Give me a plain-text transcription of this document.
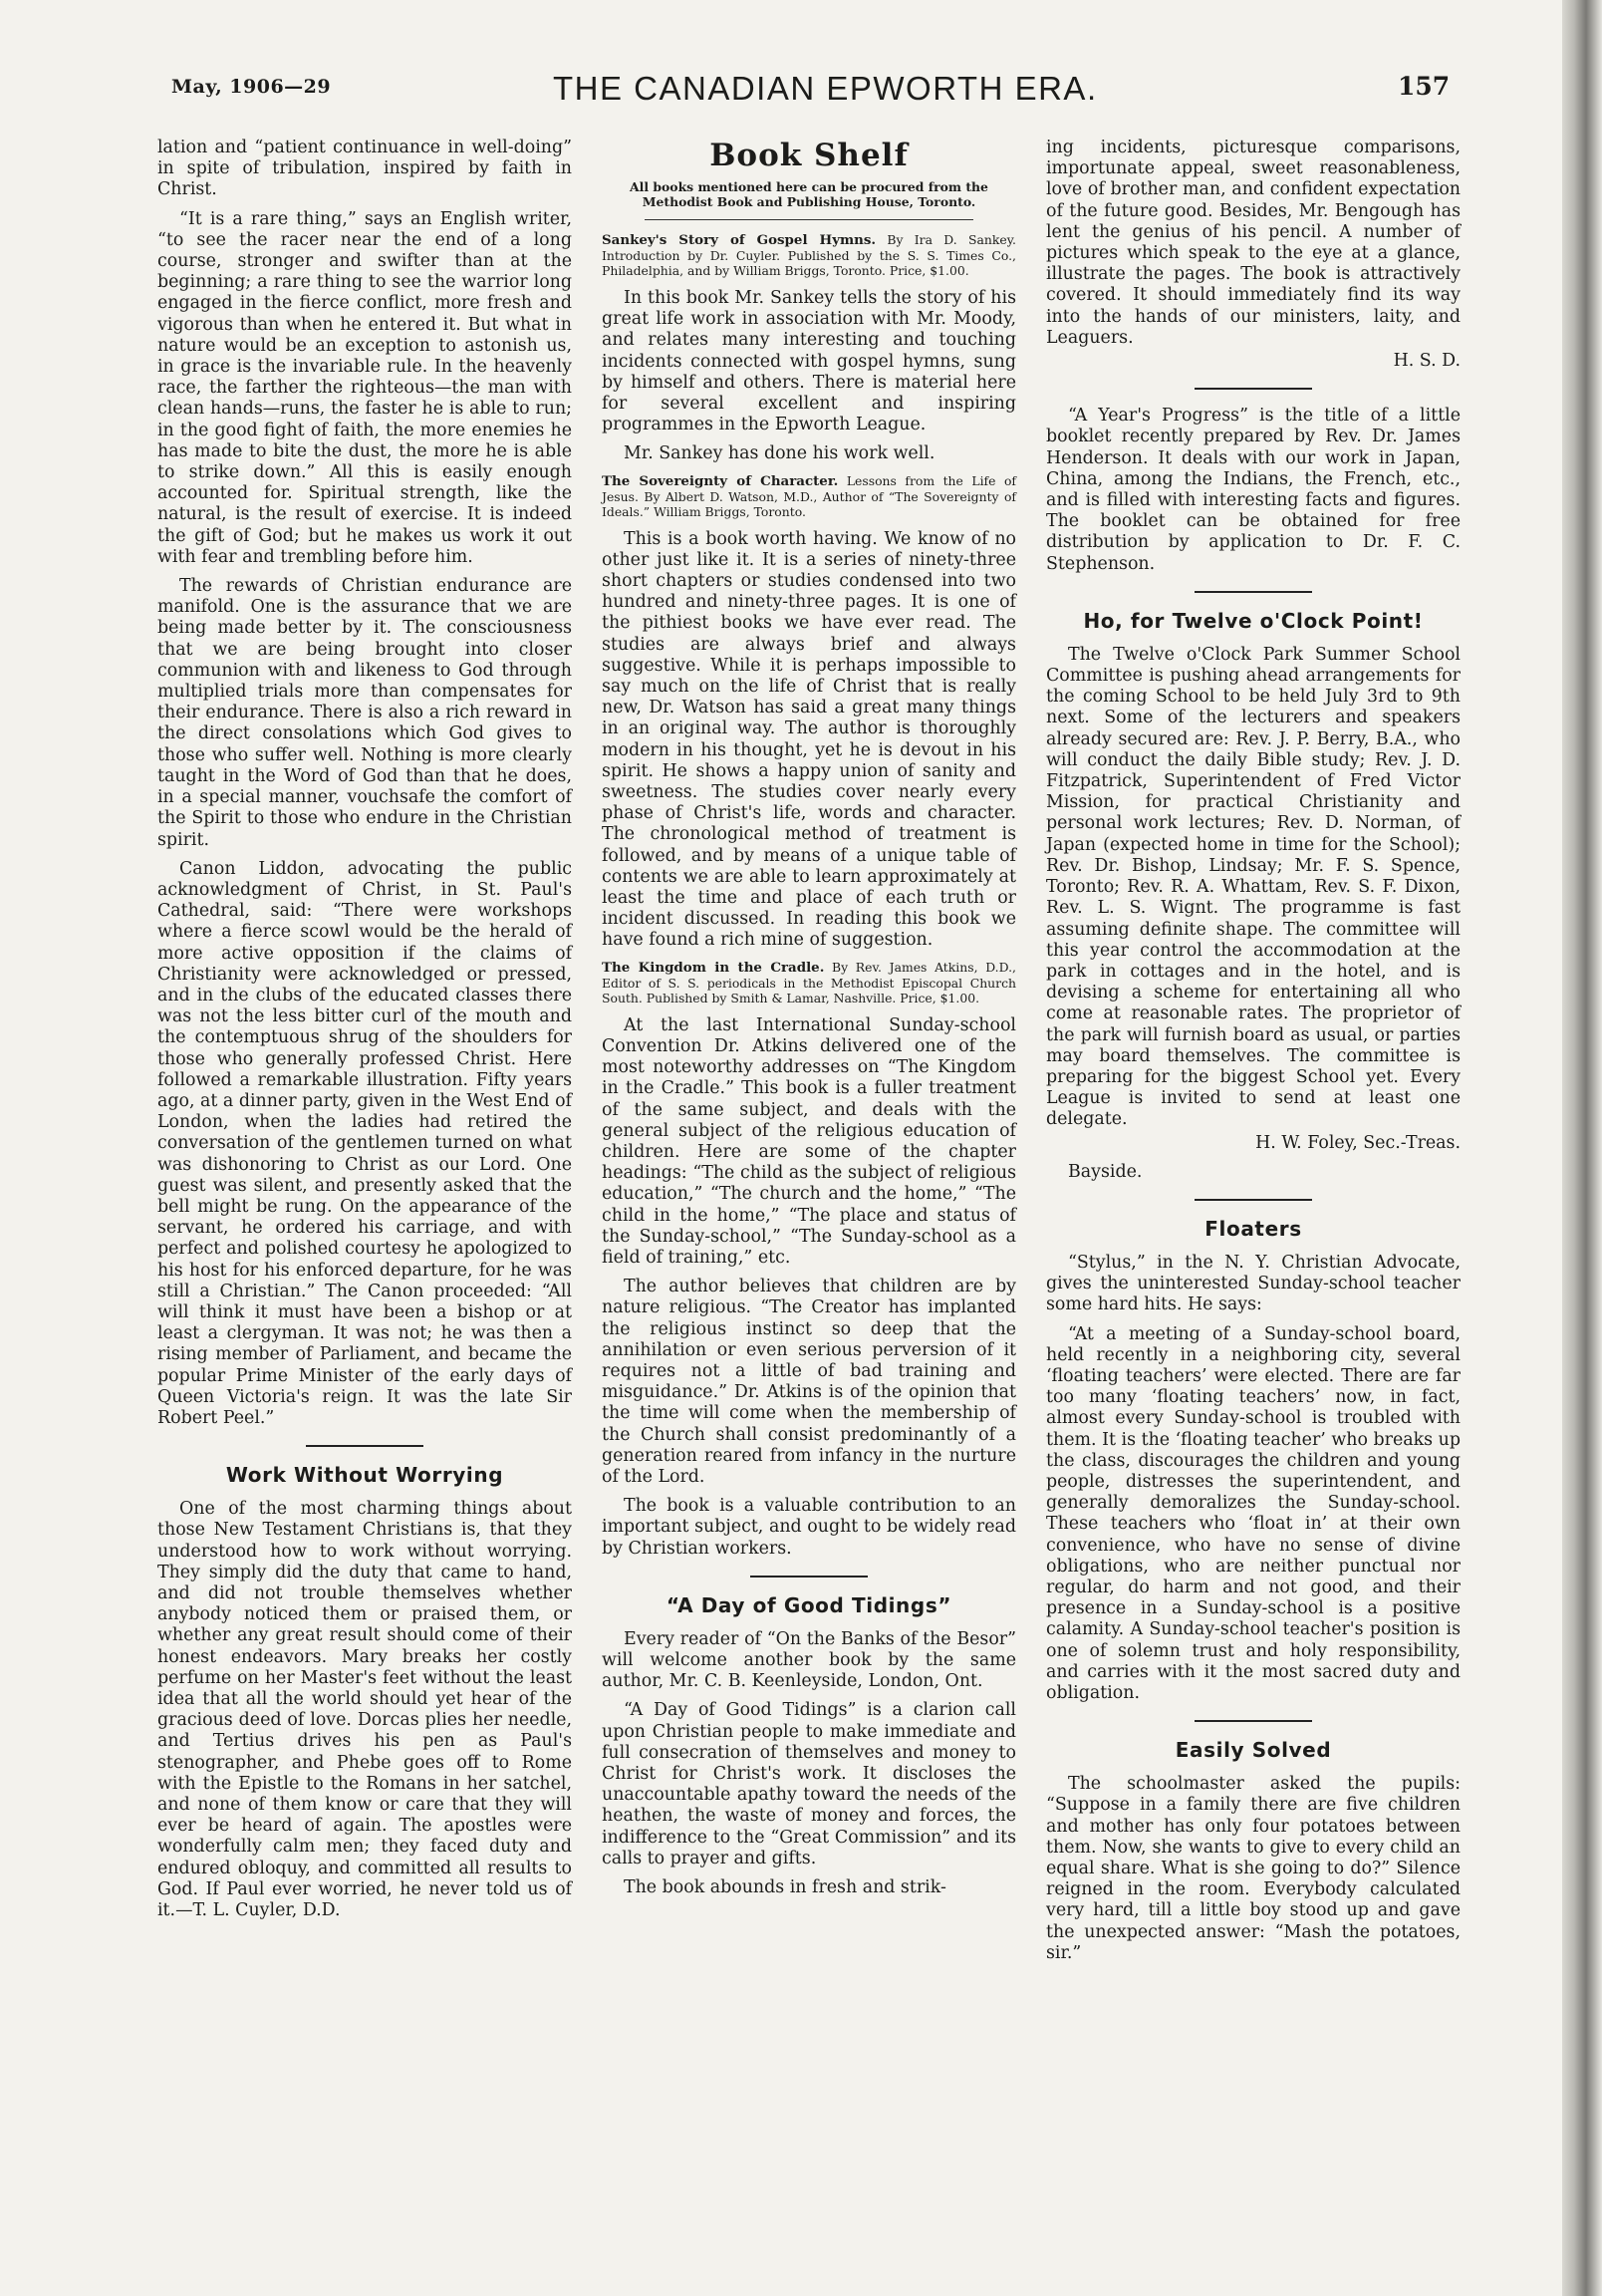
May, 1906—29	THE CANADIAN EPWORTH ERA.	157

lation and “patient continuance in well-doing” in spite of tribulation, inspired by faith in Christ.

“It is a rare thing,” says an English writer, “to see the racer near the end of a long course, stronger and swifter than at the beginning; a rare thing to see the warrior long engaged in the fierce conflict, more fresh and vigorous than when he entered it. But what in nature would be an exception to astonish us, in grace is the invariable rule. In the heavenly race, the farther the righteous—the man with clean hands—runs, the faster he is able to run; in the good fight of faith, the more enemies he has made to bite the dust, the more he is able to strike down.” All this is easily enough accounted for. Spiritual strength, like the natural, is the result of exercise. It is indeed the gift of God; but he makes us work it out with fear and trembling before him.

The rewards of Christian endurance are manifold. One is the assurance that we are being made better by it. The consciousness that we are being brought into closer communion with and likeness to God through multiplied trials more than compensates for their endurance. There is also a rich reward in the direct consolations which God gives to those who suffer well. Nothing is more clearly taught in the Word of God than that he does, in a special manner, vouchsafe the comfort of the Spirit to those who endure in the Christian spirit.

Canon Liddon, advocating the public acknowledgment of Christ, in St. Paul's Cathedral, said: “There were workshops where a fierce scowl would be the herald of more active opposition if the claims of Christianity were acknowledged or pressed, and in the clubs of the educated classes there was not the less bitter curl of the mouth and the contemptuous shrug of the shoulders for those who generally professed Christ. Here followed a remarkable illustration. Fifty years ago, at a dinner party, given in the West End of London, when the ladies had retired the conversation of the gentlemen turned on what was dishonoring to Christ as our Lord. One guest was silent, and presently asked that the bell might be rung. On the appearance of the servant, he ordered his carriage, and with perfect and polished courtesy he apologized to his host for his enforced departure, for he was still a Christian.” The Canon proceeded: “All will think it must have been a bishop or at least a clergyman. It was not; he was then a rising member of Parliament, and became the popular Prime Minister of the early days of Queen Victoria's reign. It was the late Sir Robert Peel.”

Work Without Worrying

One of the most charming things about those New Testament Christians is, that they understood how to work without worrying. They simply did the duty that came to hand, and did not trouble themselves whether anybody noticed them or praised them, or whether any great result should come of their honest endeavors. Mary breaks her costly perfume on her Master's feet without the least idea that all the world should yet hear of the gracious deed of love. Dorcas plies her needle, and Tertius drives his pen as Paul's stenographer, and Phebe goes off to Rome with the Epistle to the Romans in her satchel, and none of them know or care that they will ever be heard of again. The apostles were wonderfully calm men; they faced duty and endured obloquy, and committed all results to God. If Paul ever worried, he never told us of it.—T. L. Cuyler, D.D.

Book Shelf
All books mentioned here can be procured from the Methodist Book and Publishing House, Toronto.
Sankey's Story of Gospel Hymns. By Ira D. Sankey. Introduction by Dr. Cuyler. Published by the S. S. Times Co., Philadelphia, and by William Briggs, Toronto. Price, $1.00.

In this book Mr. Sankey tells the story of his great life work in association with Mr. Moody, and relates many interesting and touching incidents connected with gospel hymns, sung by himself and others. There is material here for several excellent and inspiring programmes in the Epworth League.

Mr. Sankey has done his work well.

The Sovereignty of Character. Lessons from the Life of Jesus. By Albert D. Watson, M.D., Author of “The Sovereignty of Ideals.” William Briggs, Toronto.

This is a book worth having. We know of no other just like it. It is a series of ninety-three short chapters or studies condensed into two hundred and ninety-three pages. It is one of the pithiest books we have ever read. The studies are always brief and always suggestive. While it is perhaps impossible to say much on the life of Christ that is really new, Dr. Watson has said a great many things in an original way. The author is thoroughly modern in his thought, yet he is devout in his spirit. He shows a happy union of sanity and sweetness. The studies cover nearly every phase of Christ's life, words and character. The chronological method of treatment is followed, and by means of a unique table of contents we are able to learn approximately at least the time and place of each truth or incident discussed. In reading this book we have found a rich mine of suggestion.

The Kingdom in the Cradle. By Rev. James Atkins, D.D., Editor of S. S. periodicals in the Methodist Episcopal Church South. Published by Smith & Lamar, Nashville. Price, $1.00.

At the last International Sunday-school Convention Dr. Atkins delivered one of the most noteworthy addresses on “The Kingdom in the Cradle.” This book is a fuller treatment of the same subject, and deals with the general subject of the religious education of children. Here are some of the chapter headings: “The child as the subject of religious education,” “The church and the home,” “The child in the home,” “The place and status of the Sunday-school,” “The Sunday-school as a field of training,” etc.

The author believes that children are by nature religious. “The Creator has implanted the religious instinct so deep that the annihilation or even serious perversion of it requires not a little of bad training and misguidance.” Dr. Atkins is of the opinion that the time will come when the membership of the Church shall consist predominantly of a generation reared from infancy in the nurture of the Lord.

The book is a valuable contribution to an important subject, and ought to be widely read by Christian workers.

“A Day of Good Tidings”

Every reader of “On the Banks of the Besor” will welcome another book by the same author, Mr. C. B. Keenleyside, London, Ont.

“A Day of Good Tidings” is a clarion call upon Christian people to make immediate and full consecration of themselves and money to Christ for Christ's work. It discloses the unaccountable apathy toward the needs of the heathen, the waste of money and forces, the indifference to the “Great Commission” and its calls to prayer and gifts.

The book abounds in fresh and strik-

ing incidents, picturesque comparisons, importunate appeal, sweet reasonableness, love of brother man, and confident expectation of the future good. Besides, Mr. Bengough has lent the genius of his pencil. A number of pictures which speak to the eye at a glance, illustrate the pages. The book is attractively covered. It should immediately find its way into the hands of our ministers, laity, and Leaguers.

H. S. D.

“A Year's Progress” is the title of a little booklet recently prepared by Rev. Dr. James Henderson. It deals with our work in Japan, China, among the Indians, the French, etc., and is filled with interesting facts and figures. The booklet can be obtained for free distribution by application to Dr. F. C. Stephenson.

Ho, for Twelve o'Clock Point!

The Twelve o'Clock Park Summer School Committee is pushing ahead arrangements for the coming School to be held July 3rd to 9th next. Some of the lecturers and speakers already secured are: Rev. J. P. Berry, B.A., who will conduct the daily Bible study; Rev. J. D. Fitzpatrick, Superintendent of Fred Victor Mission, for practical Christianity and personal work lectures; Rev. D. Norman, of Japan (expected home in time for the School); Rev. Dr. Bishop, Lindsay; Mr. F. S. Spence, Toronto; Rev. R. A. Whattam, Rev. S. F. Dixon, Rev. L. S. Wignt. The programme is fast assuming definite shape. The committee will this year control the accommodation at the park in cottages and in the hotel, and is devising a scheme for entertaining all who come at reasonable rates. The proprietor of the park will furnish board as usual, or parties may board themselves. The committee is preparing for the biggest School yet. Every League is invited to send at least one delegate.

H. W. Foley, Sec.-Treas.

Bayside.

Floaters

“Stylus,” in the N. Y. Christian Advocate, gives the uninterested Sunday-school teacher some hard hits. He says:

“At a meeting of a Sunday-school board, held recently in a neighboring city, several ‘floating teachers’ were elected. There are far too many ‘floating teachers’ now, in fact, almost every Sunday-school is troubled with them. It is the ‘floating teacher’ who breaks up the class, discourages the children and young people, distresses the superintendent, and generally demoralizes the Sunday-school. These teachers who ‘float in’ at their own convenience, who have no sense of divine obligations, who are neither punctual nor regular, do harm and not good, and their presence in a Sunday-school is a positive calamity. A Sunday-school teacher's position is one of solemn trust and holy responsibility, and carries with it the most sacred duty and obligation.

Easily Solved

The schoolmaster asked the pupils: “Suppose in a family there are five children and mother has only four potatoes between them. Now, she wants to give to every child an equal share. What is she going to do?” Silence reigned in the room. Everybody calculated very hard, till a little boy stood up and gave the unexpected answer: “Mash the potatoes, sir.”
